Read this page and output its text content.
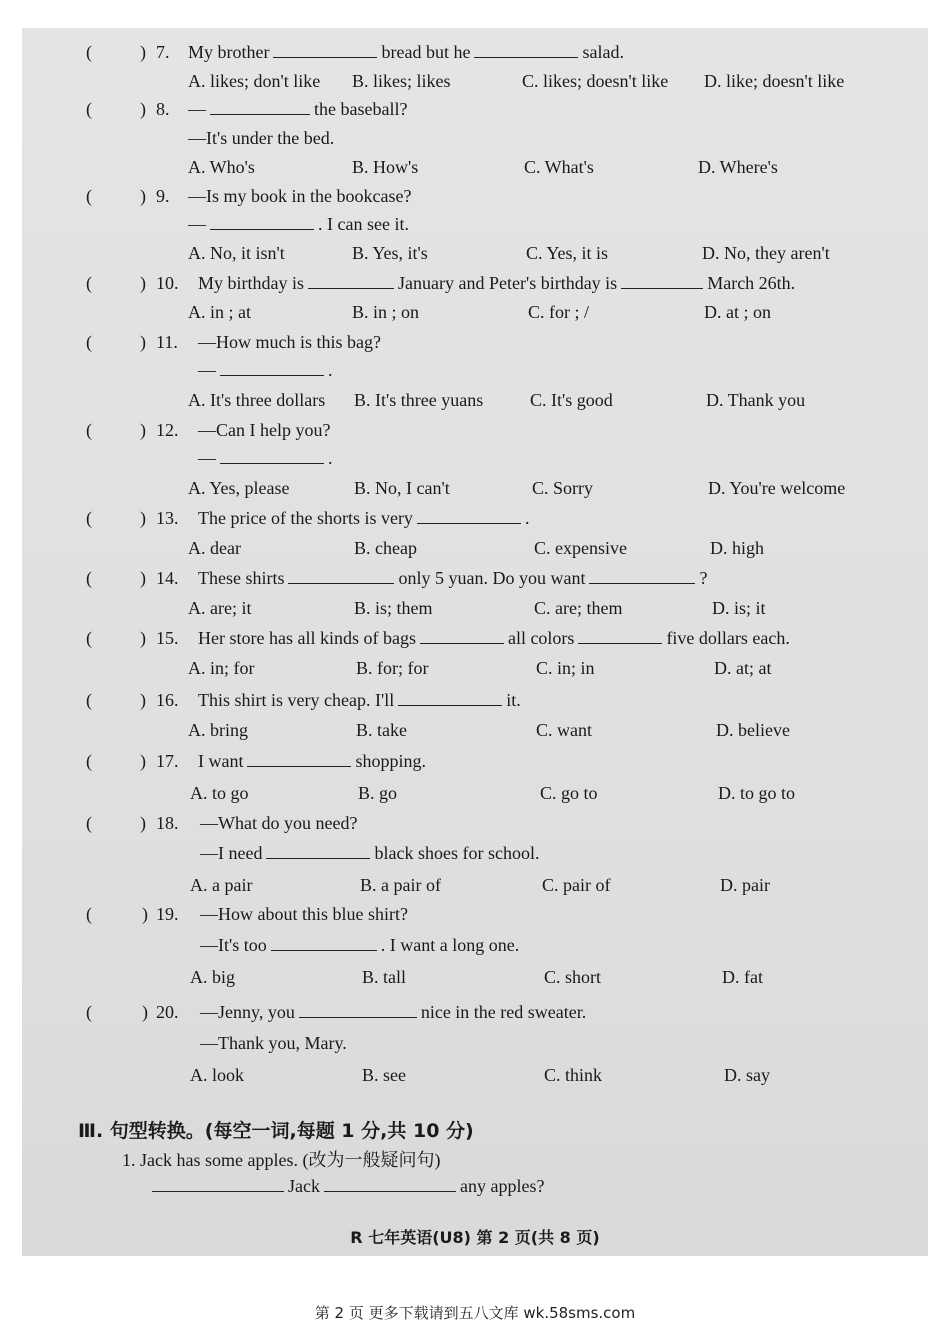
(	) 7. My brother	bread but he	salad.
A. likes; don't like B. likes; likes	C. likes; doesn't like D. like; doesn't like
(	) 8. —	the baseball?
—It's under the bed.
A. Who's	B. How's	C. What's	D. Where's
(	) 9. —Is my book in the bookcase?
—	. I can see it.
A. No, it isn't	B. Yes, it's	C. Yes, it is	D. No, they aren't
(	) 10. My birthday is	January and Peter's birthday is	March 26th.
A. in ; at	B. in ; on	C. for ; /	D. at ; on
(	) 11. —How much is this bag?
—	.
A. It's three dollars B. It's three yuans	C. It's good	D. Thank you
(	) 12. —Can I help you?
—	.
A. Yes, please	B. No, I can't	C. Sorry	D. You're welcome
(	) 13. The price of the shorts is very	.
A. dear	B. cheap	C. expensive	D. high
(	) 14. These shirts	only 5 yuan. Do you want	?
A. are; it	B. is; them	C. are; them	D. is; it
(	) 15. Her store has all kinds of bags	all colors	five dollars each.
A. in; for	B. for; for	C. in; in	D. at; at
(	) 16. This shirt is very cheap. I'll	it.
A. bring	B. take	C. want	D. believe
(	) 17. I want	shopping.
A. to go	B. go	C. go to	D. to go to
(	) 18. —What do you need?
—I need	black shoes for school.
A. a pair	B. a pair of	C. pair of	D. pair
(	) 19. —How about this blue shirt?
—It's too	. I want a long one.
A. big	B. tall	C. short	D. fat
(	) 20. —Jenny, you	nice in the red sweater.
—Thank you, Mary.
A. look	B. see	C. think	D. say
Ⅲ. 句型转换。(每空一词,每题 1 分,共 10 分)
1. Jack has some apples. (改为一般疑问句)
Jack	any apples?
R 七年英语(U8) 第 2 页(共 8 页)
第 2 页 更多下载请到五八文库 wk.58sms.com
